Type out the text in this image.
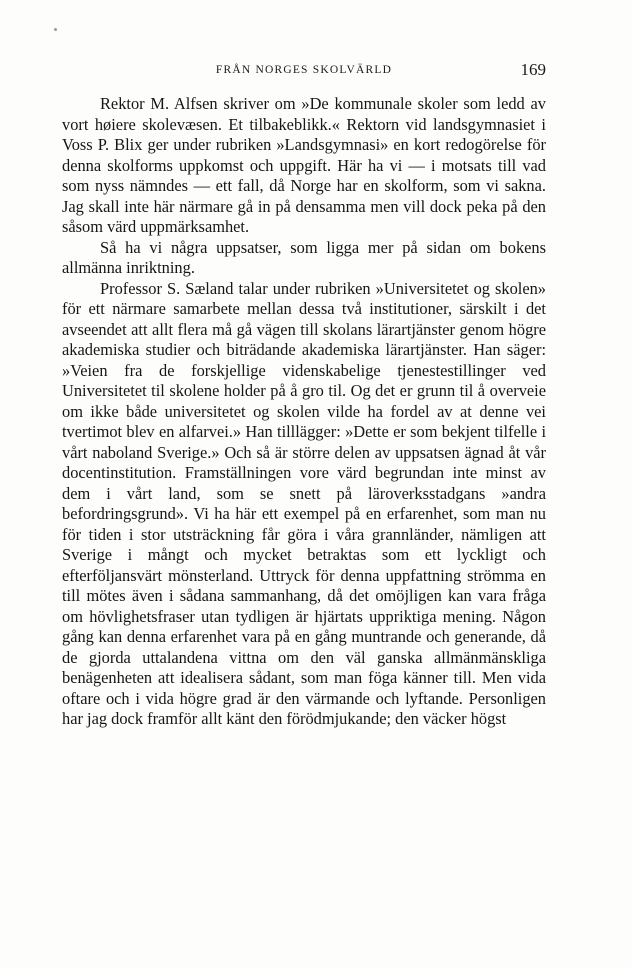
FRÅN NORGES SKOLVÄRLD	169

Rektor M. Alfsen skriver om »De kommunale skoler som ledd av vort høiere skolevæsen. Et tilbakeblikk.« Rektorn vid landsgymnasiet i Voss P. Blix ger under rubriken »Landsgymnasi» en kort redogörelse för denna skolforms uppkomst och uppgift. Här ha vi — i motsats till vad som nyss nämndes — ett fall, då Norge har en skolform, som vi sakna. Jag skall inte här närmare gå in på densamma men vill dock peka på den såsom värd uppmärksamhet.

Så ha vi några uppsatser, som ligga mer på sidan om bokens allmänna inriktning.

Professor S. Sæland talar under rubriken »Universitetet og skolen» för ett närmare samarbete mellan dessa två institutioner, särskilt i det avseendet att allt flera må gå vägen till skolans lärartjänster genom högre akademiska studier och biträdande akademiska lärartjänster. Han säger: »Veien fra de forskjellige videnskabelige tjenestestillinger ved Universitetet til skolene holder på å gro til. Og det er grunn til å overveie om ikke både universitetet og skolen vilde ha fordel av at denne vei tvertimot blev en alfarvei.» Han tilllägger: »Dette er som bekjent tilfelle i vårt naboland Sverige.» Och så är större delen av uppsatsen ägnad åt vår docentinstitution. Framställningen vore värd begrundan inte minst av dem i vårt land, som se snett på läroverksstadgans »andra befordringsgrund». Vi ha här ett exempel på en erfarenhet, som man nu för tiden i stor utsträckning får göra i våra grannländer, nämligen att Sverige i mångt och mycket betraktas som ett lyckligt och efterföljansvärt mönsterland. Uttryck för denna uppfattning strömma en till mötes även i sådana sammanhang, då det omöjligen kan vara fråga om hövlighetsfraser utan tydligen är hjärtats uppriktiga mening. Någon gång kan denna erfarenhet vara på en gång muntrande och generande, då de gjorda uttalandena vittna om den väl ganska allmänmänskliga benägenheten att idealisera sådant, som man föga känner till. Men vida oftare och i vida högre grad är den värmande och lyftande. Personligen har jag dock framför allt känt den förödmjukande; den väcker högst
